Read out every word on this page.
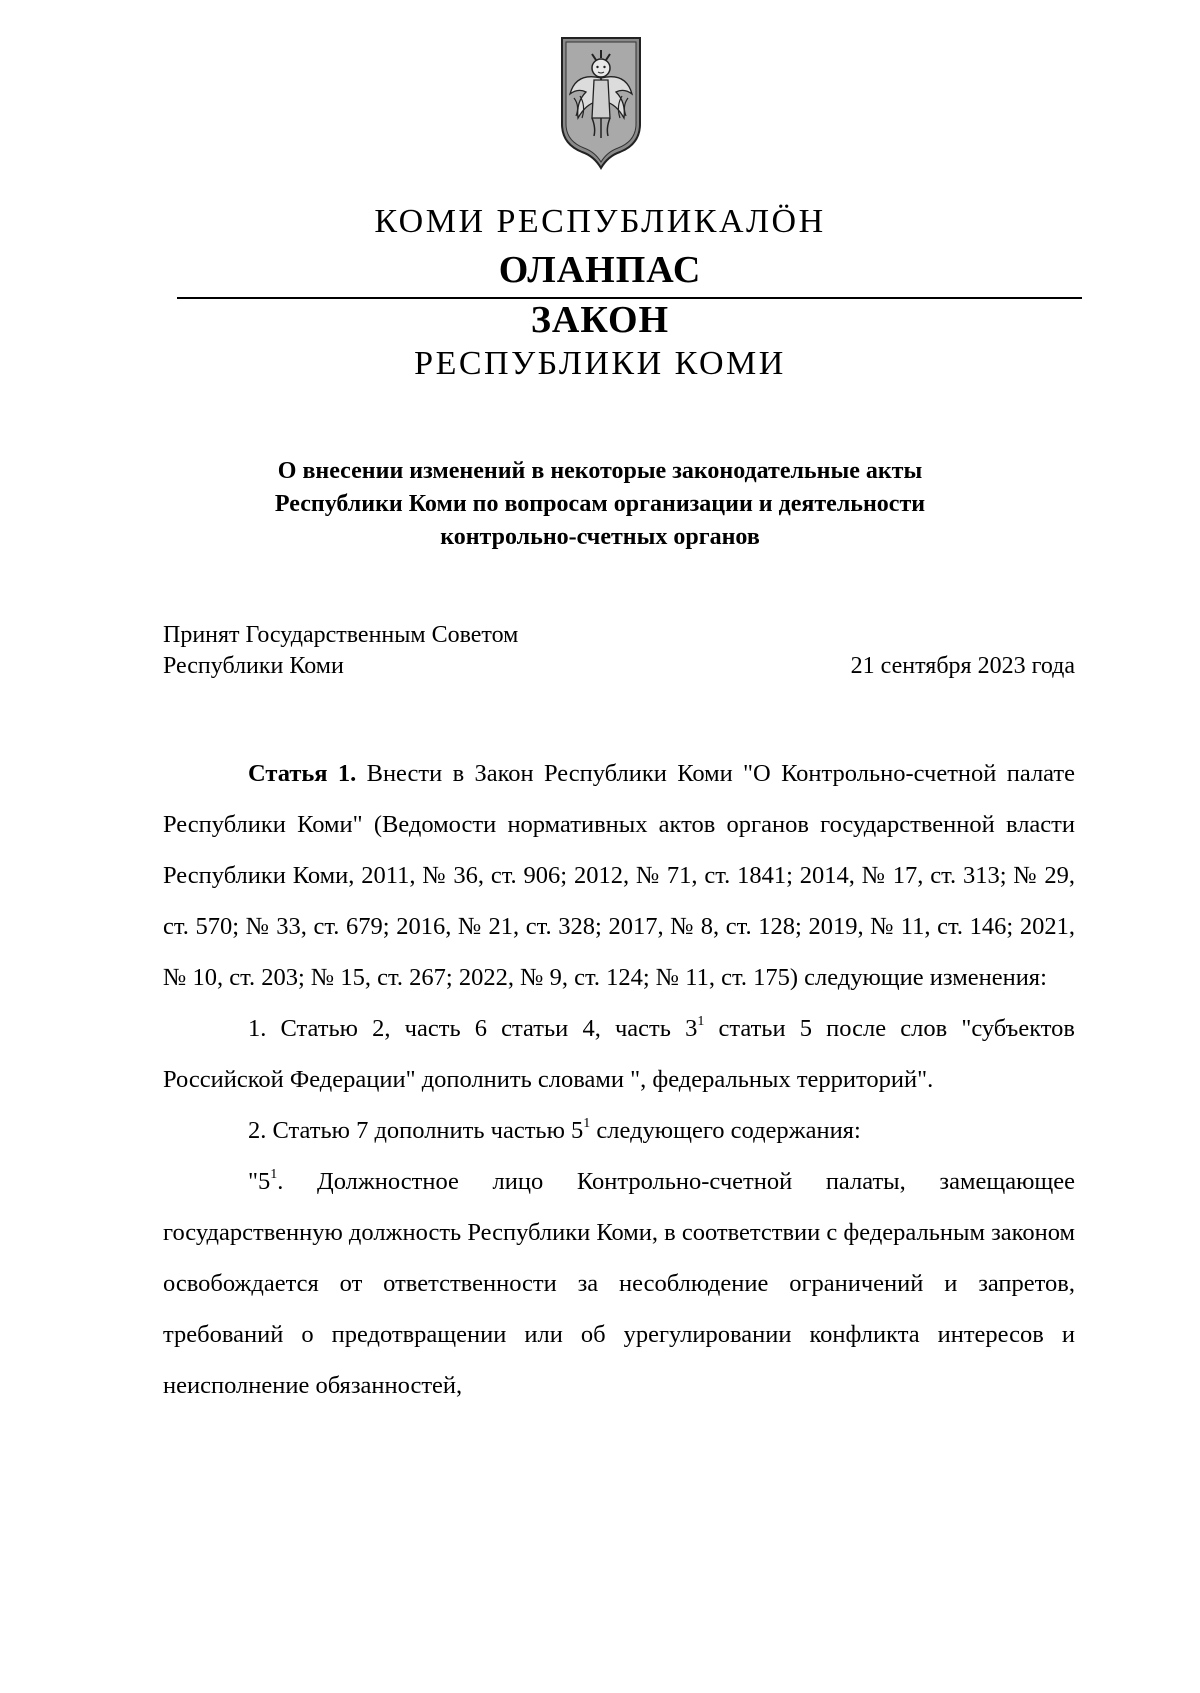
КОМИ РЕСПУБЛИКАЛӦН
ОЛАНПАС
ЗАКОН
РЕСПУБЛИКИ КОМИ
О внесении изменений в некоторые законодательные акты
Республики Коми по вопросам организации и деятельности
контрольно-счетных органов
Принят Государственным Советом
Республики Коми	21 сентября 2023 года

Статья 1. Внести в Закон Республики Коми "О Контрольно-счетной палате Республики Коми" (Ведомости нормативных актов органов государственной власти Республики Коми, 2011, № 36, ст. 906; 2012, № 71, ст. 1841; 2014, № 17, ст. 313; № 29, ст. 570; № 33, ст. 679; 2016, № 21, ст. 328; 2017, № 8, ст. 128; 2019, № 11, ст. 146; 2021, № 10, ст. 203; № 15, ст. 267; 2022, № 9, ст. 124; № 11, ст. 175) следующие изменения:

1. Статью 2, часть 6 статьи 4, часть $3^1$ статьи 5 после слов "субъектов Российской Федерации" дополнить словами ", федеральных территорий".

2. Статью 7 дополнить частью $5^1$ следующего содержания:

"$5^1$. Должностное лицо Контрольно-счетной палаты, замещающее государственную должность Республики Коми, в соответствии с федеральным законом освобождается от ответственности за несоблюдение ограничений и запретов, требований о предотвращении или об урегулировании конфликта интересов и неисполнение обязанностей,
